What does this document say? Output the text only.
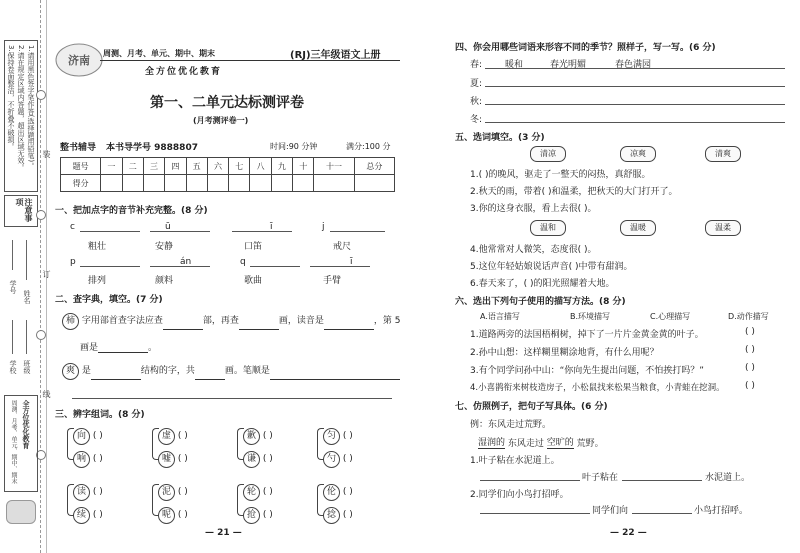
1.请用黑色签字笔作答(选择题用铅笔)。
2.请在规定区域内答题，超出区域无效。
3.保持卷面整洁，不折叠不破损。
注意事项
学号
姓名
学校 班级
装
订
线
周测、月考、单元、期中、期末 全方位优化教育
济南
周测、月考、单元、期中、期末
全方位优化教育
(RJ)三年级语文上册
第一、二单元达标测评卷
(月考测评卷一)
整书辅导 本书导学号 9888807	时间:90 分钟	满分:100 分
题号	一	二	三	四	五	六	七	八	九	十	十一	总分
得分												
一、把加点字的音节补充完整。(8 分)
c	ū	ī	j
粗壮	安静	口笛	戒尺
p	án	q	ī
排列	颜料	歌曲	手臂
二、查字典，填空。(7 分)
柿 字用部首查字法应查	部，再查	画，读音是	，第 5
画是	。
爽 是	结构的字，共	画。笔顺是
三、辨字组词。(8 分)
向 ( )
响 ( )
虚 ( )
嘘 ( )
歉 ( )
谦 ( )
匀 ( )
勺 ( )
读 ( )
续 ( )
泥 ( )
呢 ( )
轮 ( )
抢 ( )
伦 ( )
捻 ( )
— 21 —
四、你会用哪些词语来形容不同的季节？照样子，写一写。(6 分)
春:	暖和	春光明媚	春色满园
夏:
秋:
冬:
五、选词填空。(3 分)
清凉	凉爽	清爽
1.( )的晚风，驱走了一整天的闷热，真舒服。
2.秋天的雨，带着( )和温柔，把秋天的大门打开了。
3.你的这身衣服，看上去很( )。
温和	温暖	温柔
4.他常常对人微笑，态度很( )。
5.这位年轻姑娘说话声音( )中带有甜润。
6.春天来了，( )的阳光照耀着大地。
六、选出下列句子使用的描写方法。(8 分)
A.语言描写	B.环境描写	C.心理描写	D.动作描写
1.道路两旁的法国梧桐树，掉下了一片片金黄金黄的叶子。	( )
2.孙中山想：这样糊里糊涂地背，有什么用呢？	( )
3.有个同学问孙中山：“你向先生提出问题，不怕挨打吗？”	( )
4.小喜鹊衔来树枝造房子，小松鼠找来松果当粮食，小青蛙在挖洞。 ( )
七、仿照例子，把句子写具体。(6 分)
例：东风走过荒野。
湿润的 东风走过 空旷的 荒野。
1.叶子粘在水泥道上。
叶子粘在	水泥道上。
2.同学们向小鸟打招呼。
同学们向	小鸟打招呼。
— 22 —
